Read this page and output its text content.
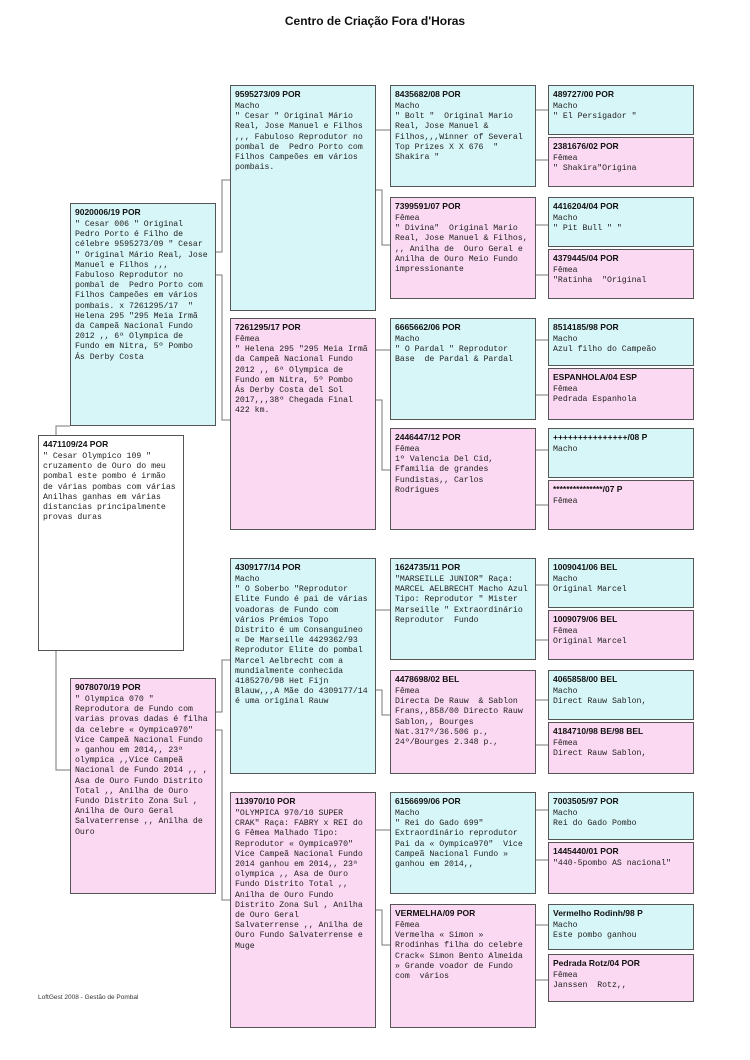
Centro de Criação Fora d'Horas
4471109/24 POR
" Cesar Olympico 109 " cruzamento de Ouro do meu pombal este pombo é irmão de várias pombas com várias Anilhas ganhas em várias distancias principalmente provas duras
9020006/19 POR
" Cesar 006 " Original Pedro Porto é Filho de célebre 9595273/09 " Cesar " Original Mário Real, Jose Manuel e Filhos ,,, Fabuloso Reprodutor no pombal de  Pedro Porto com Filhos Campeões em vários pombais. x 7261295/17  " Helena 295 "295 Meia Irmã da Campeã Nacional Fundo 2012 ,, 6ª Olympica de Fundo em Nitra, 5º Pombo  Ás Derby Costa
9078070/19 POR
" Olympica 070 " Reprodutora de Fundo com varias provas dadas é filha da celebre « Oympica970" Vice Campeã Nacional Fundo » ganhou em 2014,, 23ª olympica ,,Vice Campeã Nacional de Fundo 2014 ,, , Asa de Ouro Fundo Distrito Total ,, Anilha de Ouro Fundo Distrito Zona Sul , Anilha de Ouro Geral  Salvaterrense ,, Anilha de Ouro
9595273/09 POR
Macho
" Cesar " Original Mário Real, Jose Manuel e Filhos ,,, Fabuloso Reprodutor no pombal de  Pedro Porto com Filhos Campeões em vários pombais.
7261295/17 POR
Fêmea
" Helena 295 "295 Meia Irmã da Campeã Nacional Fundo 2012 ,, 6ª Olympica de Fundo em Nitra, 5º Pombo  Ás Derby Costa del Sol 2017,,,38º Chegada Final  422 km.
4309177/14 POR
Macho
" O Soberbo "Reprodutor Elite Fundo é pai de várias voadoras de Fundo com vários Prémios Topo Distrito é um Consanguineo « De Marseille 4429362/93 Reprodutor Elite do pombal  Marcel Aelbrecht com a mundialmente conhecida 4185270/98 Het Fijn Blauw,,,A Mãe do 4309177/14 é uma original Rauw
113970/10 POR
"OLYMPICA 970/10 SUPER CRAK" Raça: FABRY x REI do G Fêmea Malhado Tipo: Reprodutor « Oympica970"  Vice Campeã Nacional Fundo 2014 ganhou em 2014,, 23ª olympica ,, Asa de Ouro Fundo Distrito Total ,, Anilha de Ouro Fundo Distrito Zona Sul , Anilha de Ouro Geral  Salvaterrense ,, Anilha de Ouro Fundo Salvaterrense e Muge
8435682/08 POR
Macho
" Bolt "  Original Mario Real, Jose Manuel & Filhos,,,Winner of Several Top Prizes X X 676  " Shakira "
7399591/07 POR
Fêmea
" Divina"  Original Mario Real, Jose Manuel & Filhos, ,, Anilha de  Ouro Geral e Anilha de Ouro Meio Fundo impressionante
6665662/06 POR
Macho
" O Pardal " Reprodutor Base  de Pardal & Pardal
2446447/12 POR
Fêmea
1º Valencia Del Cid, Ffamilia de grandes Fundistas,, Carlos Rodrigues
1624735/11 POR
"MARSEILLE JUNIOR" Raça: MARCEL AELBRECHT Macho Azul Tipo: Reprodutor " Mister Marseille " Extraordinário Reprodutor  Fundo
4478698/02 BEL
Fêmea
Directa De Rauw  & Sablon Frans,,858/00 Directo Rauw Sablon,, Bourges Nat.317º/36.506 p., 24º/Bourges 2.348 p.,
6156699/06 POR
Macho
" Rei do Gado 699" Extraordinário reprodutor Pai da « Oympica970"  Vice Campeã Nacional Fundo » ganhou em 2014,,
VERMELHA/09 POR
Fêmea
Vermelha « Simon » Rrodinhas filha do celebre Crack« Simon Bento Almeida » Grande voador de Fundo com  vários
489727/00 POR
Macho
" El Persigador "
2381676/02 POR
Fêmea
" Shakira"Origina
4416204/04 POR
Macho
" Pit Bull " "
4379445/04 POR
Fêmea
"Ratinha  "Original
8514185/98 POR
Macho
Azul filho do Campeão
ESPANHOLA/04 ESP
Fêmea
Pedrada Espanhola
+++++++++++++++/08 P
Macho
***************/07 P
Fêmea
1009041/06 BEL
Macho
Original Marcel
1009079/06 BEL
Fêmea
Original Marcel
4065858/00 BEL
Macho
Direct Rauw Sablon,
4184710/98 BE/98 BEL
Fêmea
Direct Rauw Sablon,
7003505/97 POR
Macho
Rei do Gado Pombo
1445440/01 POR
"440-5pombo AS nacional"
Vermelho Rodinh/98 P
Macho
Este pombo ganhou
Pedrada Rotz/04 POR
Fêmea
Janssen  Rotz,,
LoftGest 2008 - Gestão de Pombal
